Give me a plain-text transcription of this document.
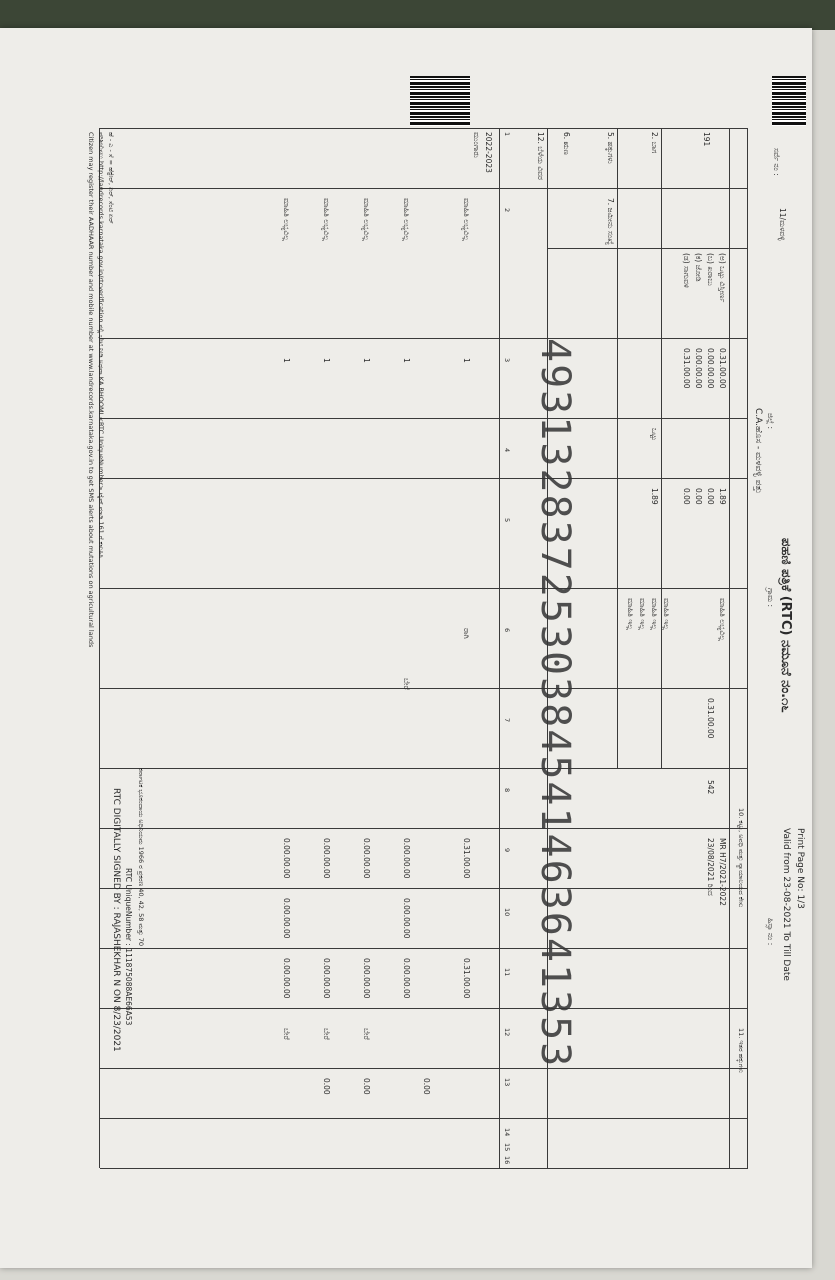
ಪಹಣಿ ಪತ್ರಿಕೆ (RTC) ನಮೂನೆ ನಂ.೧೬
Print Page No: 1/3
Valid from 23-08-2021 To Till Date
11/ಮಳವಳ್ಳಿ
ಜಿಲ್ಲೆ :
C.A.ಹೊಸ - ಮಳವಳ್ಳಿ ಪತ್ತು
ಗ್ರಾಮ :
ಸರ್ವೆ ನಂ :
ಹಿಸ್ಸಾ ನಂ :
191
2. ಬಾಗ
5. ಹಕ್ಕುಗಳು
6. ಋಣ
7. ಜಮೀನು ಸಂಖ್ಯೆ
12. ಬೆಳೆಯ ವಿವರ
(ಅ) ಒಟ್ಟು ವಿಸ್ತೀರ್ಣ
0.31.00.00
1.89
(ಬ) ಖರಾಬು
0.00.00.00
0.00
(ಕ) ಜೋಡಿ
0.00.00.00
0.00
(ಡ) ಸಾಗುವಳಿ
0.31.00.00
0.00
ಒಟ್ಟು
1.89
ಮಾಹಿತಿ ಲಭ್ಯವಿಲ್ಲ
0.31.00.00
542
MR H7/2021-2022
23/08/2021 ರಿಂದ	10. ಕಟ್ಟು, ಅವಧಿ ಮತ್ತು ನ್ಯಾಯಾಲಯದ ಕೇಸು
11. ಇತರ ಹಕ್ಕುಗಳು
ಮಾಹಿತಿ ಇಲ್ಲ
ಮಾಹಿತಿ ಇಲ್ಲ
ಮಾಹಿತಿ ಇಲ್ಲ
ಮಾಹಿತಿ ಇಲ್ಲ
1
2
3
4
5
6
7
8
9
10
11
12
13
14
15
16
2022-2023
ಮುಂಗಾರು
ಮಾಹಿತಿ ಲಭ್ಯವಿಲ್ಲ
1
ರಾಗಿ
0.31.00.00
0.31.00.00
0.00
ಮಾಹಿತಿ ಲಭ್ಯವಿಲ್ಲ
1
ಬೇರೆ
0.00.00.00
0.00.00.00
0.00.00.00
ಮಾಹಿತಿ ಲಭ್ಯವಿಲ್ಲ
1
ಬೇರೆ
0.00.00.00
0.00.00.00
0.00
ಮಾಹಿತಿ ಲಭ್ಯವಿಲ್ಲ
1
ಬೇರೆ
0.00.00.00
0.00.00.00
0.00
ಮಾಹಿತಿ ಲಭ್ಯವಿಲ್ಲ
1
ಬೇರೆ
0.00.00.00
0.00.00.00
0.00.00.00	4931328372530384541463641353
RTC DIGITALLY SIGNED BY : RAJASHEKHAR N ON 8/23/2021 RTC UniqueNumber : 111875088AE66A53
ಕರ್ನಾಟಕ ಭೂಕಂದಾಯ ಅಧಿನಿಯಮ 1966 ರ ಪ್ರಕರಣ 40, 42, 58 ಮತ್ತು 70
ಹೆ - ಎ - ಸೆ = ಹೆಕ್ಟೇರ್, ಏರ್, ಸೆಂಟಿ ಏರ್
ಪರಿಶೀಲಿಸಲು http://landrecords.karnataka.gov.in/rtcverification ನಲ್ಲಿ ಭೇಟಿ ನೀಡಿ ಅಥವಾ KA BHOOMI <RTC UniqueNumber> ಟೈಪ್ ಮಾಡಿ 161 ಗೆ ಕಳುಹಿಸಿ
Citizen may register their AADHAAR number and mobile number at www.landrecords.karnataka.gov.in to get SMS alerts about mutations on agricultural lands
